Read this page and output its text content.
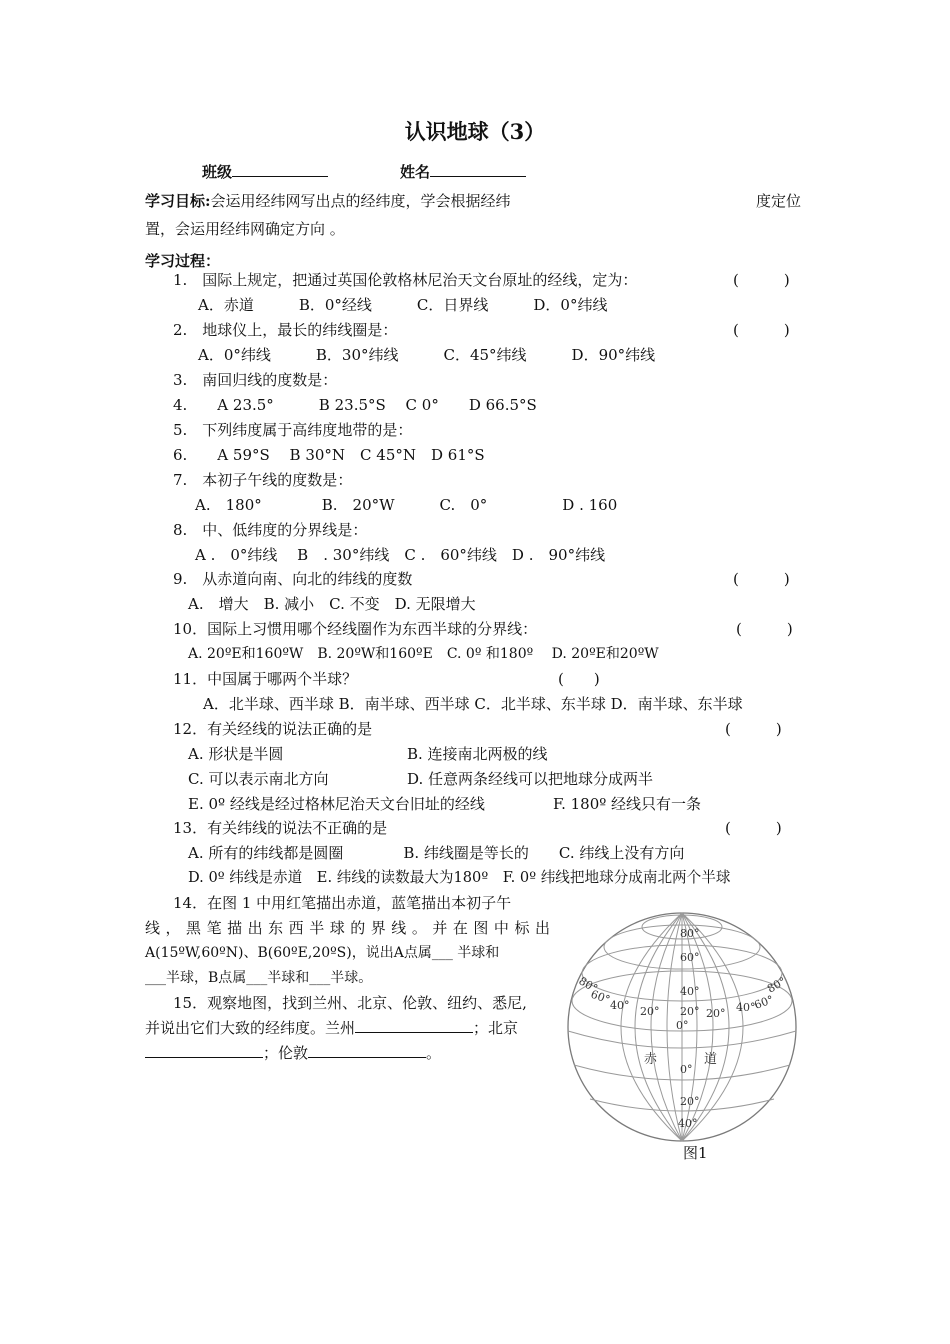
认识地球（3）
班级	姓名
学习目标:会运用经纬网写出点的经纬度，学会根据经纬	度定位
置，会运用经纬网确定方向 。
学习过程：
1.　国际上规定，把通过英国伦敦格林尼治天文台原址的经线，定为：	(　　　)
A．赤道　　　B．0°经线　　　C．日界线　　　D．0°纬线
2.　地球仪上，最长的纬线圈是：	(　　　)
A．0°纬线　　　B．30°纬线　　　C．45°纬线　　　D．90°纬线
3.　南回归线的度数是：
4.　　A 23.5°　　　B 23.5°S　 C 0°　　D 66.5°S
5.　下列纬度属于高纬度地带的是：
6.　　A 59°S　 B 30°N　C 45°N　D 61°S
7.　本初子午线的度数是：
A.　180°　　　　B.　20°W　　　C.　0°　　　　　D . 160
8.　中、低纬度的分界线是：
A .　0°纬线　 B　. 30°纬线　C .　60°纬线　D .　90°纬线
9.　从赤道向南、向北的纬线的度数	(　　　)
A.　增大　B. 减小　C. 不变　D. 无限增大
10．国际上习惯用哪个经线圈作为东西半球的分界线：	(　　　)
A. 20ºE和160ºW　B. 20ºW和160ºE　C. 0º 和180º　 D. 20ºE和20ºW
11．中国属于哪两个半球？	(　　)
A．北半球、西半球 B．南半球、西半球 C．北半球、东半球 D．南半球、东半球
12．有关经线的说法正确的是	(　　　)
A. 形状是半圆	B. 连接南北两极的线
C. 可以表示南北方向	D. 任意两条经线可以把地球分成两半
E. 0º 经线是经过格林尼治天文台旧址的经线	F. 180º 经线只有一条
13．有关纬线的说法不正确的是	(　　　)
A. 所有的纬线都是圆圈　　　　B. 纬线圈是等长的　　C. 纬线上没有方向
D. 0º 纬线是赤道　E. 纬线的读数最大为180º　F. 0º 纬线把地球分成南北两个半球
14．在图 1 中用红笔描出赤道，蓝笔描出本初子午
线，黑笔描出东西半球的界线。并在图中标出
A(15ºW,60ºN)、B(60ºE,20ºS)，说出A点属___ 半球和
___半球，B点属___半球和___半球。
15．观察地图，找到兰州、北京、伦敦、纽约、悉尼,
并说出它们大致的经纬度。兰州	；北京
；伦敦	。
80°
60°
40°
20°
0°
0°
20°
40°
80°
60°
40° 20°	20° 40°
60°
80°
赤	道
图1
